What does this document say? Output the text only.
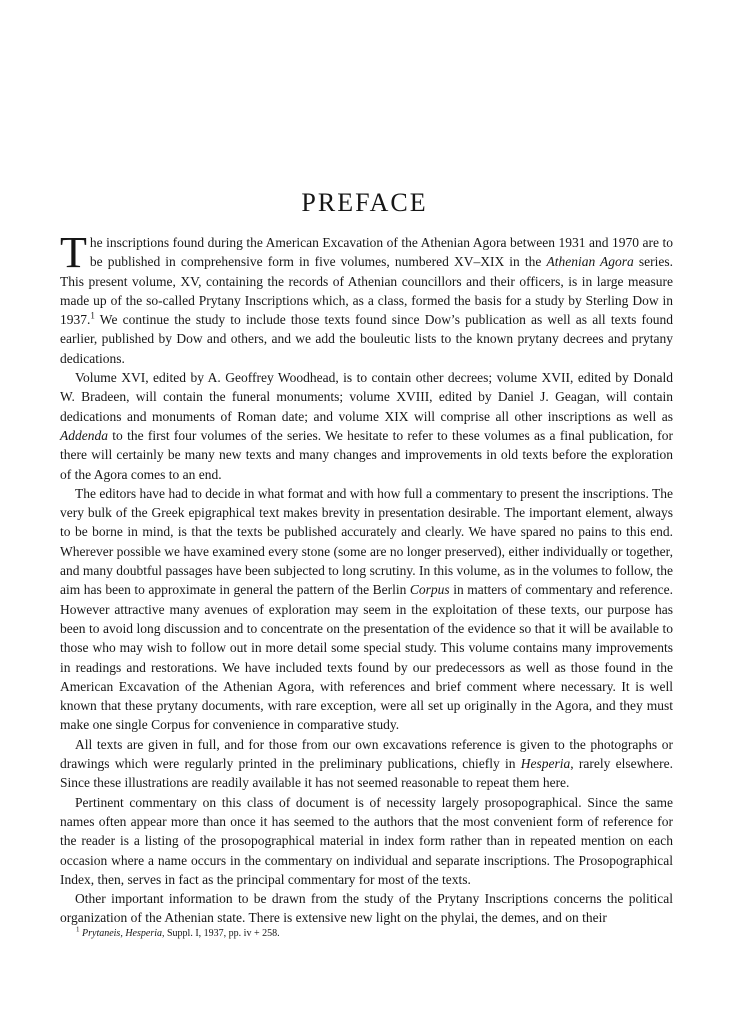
PREFACE

The inscriptions found during the American Excavation of the Athenian Agora between 1931 and 1970 are to be published in comprehensive form in five volumes, numbered XV–XIX in the Athenian Agora series. This present volume, XV, containing the records of Athenian councillors and their officers, is in large measure made up of the so-called Prytany Inscriptions which, as a class, formed the basis for a study by Sterling Dow in 1937.$^1$ We continue the study to include those texts found since Dow’s publication as well as all texts found earlier, published by Dow and others, and we add the bouleutic lists to the known prytany decrees and prytany dedications.

Volume XVI, edited by A. Geoffrey Woodhead, is to contain other decrees; volume XVII, edited by Donald W. Bradeen, will contain the funeral monuments; volume XVIII, edited by Daniel J. Geagan, will contain dedications and monuments of Roman date; and volume XIX will comprise all other inscriptions as well as Addenda to the first four volumes of the series. We hesitate to refer to these volumes as a final publication, for there will certainly be many new texts and many changes and improvements in old texts before the exploration of the Agora comes to an end.

The editors have had to decide in what format and with how full a commentary to present the inscriptions. The very bulk of the Greek epigraphical text makes brevity in presentation desirable. The important element, always to be borne in mind, is that the texts be published accurately and clearly. We have spared no pains to this end. Wherever possible we have examined every stone (some are no longer preserved), either individually or together, and many doubtful passages have been subjected to long scrutiny. In this volume, as in the volumes to follow, the aim has been to approximate in general the pattern of the Berlin Corpus in matters of commentary and reference. However attractive many avenues of exploration may seem in the exploitation of these texts, our purpose has been to avoid long discussion and to concentrate on the presentation of the evidence so that it will be available to those who may wish to follow out in more detail some special study. This volume contains many improvements in readings and restorations. We have included texts found by our predecessors as well as those found in the American Excavation of the Athenian Agora, with references and brief comment where necessary. It is well known that these prytany documents, with rare exception, were all set up originally in the Agora, and they must make one single Corpus for convenience in comparative study.

All texts are given in full, and for those from our own excavations reference is given to the photographs or drawings which were regularly printed in the preliminary publications, chiefly in Hesperia, rarely elsewhere. Since these illustrations are readily available it has not seemed reasonable to repeat them here.

Pertinent commentary on this class of document is of necessity largely prosopographical. Since the same names often appear more than once it has seemed to the authors that the most convenient form of reference for the reader is a listing of the prosopographical material in index form rather than in repeated mention on each occasion where a name occurs in the commentary on individual and separate inscriptions. The Prosopographical Index, then, serves in fact as the principal commentary for most of the texts.

Other important information to be drawn from the study of the Prytany Inscriptions concerns the political organization of the Athenian state. There is extensive new light on the phylai, the demes, and on their

$^1$ Prytaneis, Hesperia, Suppl. I, 1937, pp. iv + 258.
